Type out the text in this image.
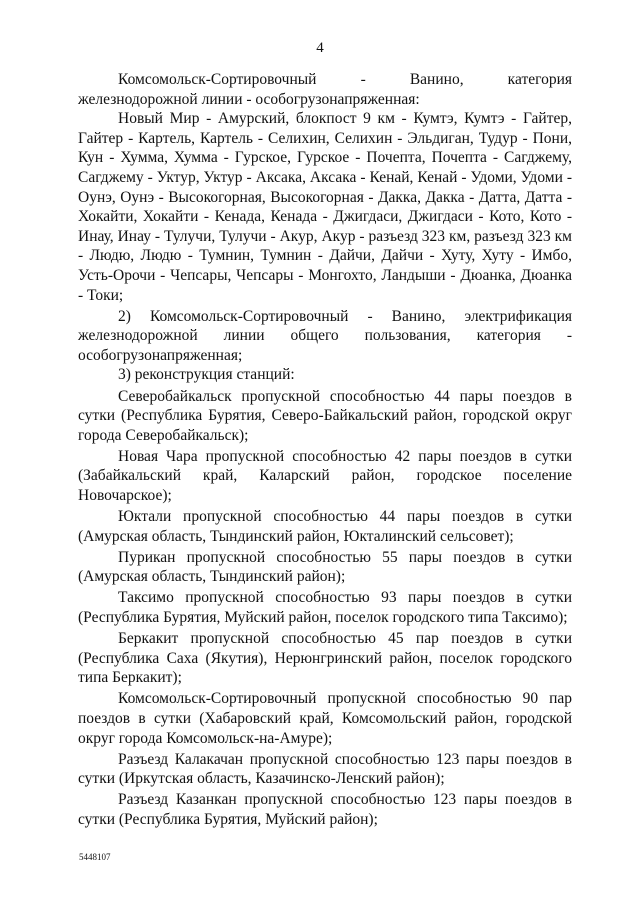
4

Комсомольск-Сортировочный - Ванино, категория железнодорожной линии - особогрузонапряженная:

Новый Мир - Амурский, блокпост 9 км - Кумтэ, Кумтэ - Гайтер, Гайтер - Картель, Картель - Селихин, Селихин - Эльдиган, Тудур - Пони, Кун - Хумма, Хумма - Гурское, Гурское - Почепта, Почепта - Сагджему, Сагджему - Уктур, Уктур - Аксака, Аксака - Кенай, Кенай - Удоми, Удоми - Оунэ, Оунэ - Высокогорная, Высокогорная - Дакка, Дакка - Датта, Датта - Хокайти, Хокайти - Кенада, Кенада - Джигдаси, Джигдаси - Кото, Кото - Инау, Инау - Тулучи, Тулучи - Акур, Акур - разъезд 323 км, разъезд 323 км - Людю, Людю - Тумнин, Тумнин - Дайчи, Дайчи - Хуту, Хуту - Имбо, Усть-Орочи - Чепсары, Чепсары - Монгохто, Ландыши - Дюанка, Дюанка - Токи;

2) Комсомольск-Сортировочный - Ванино, электрификация железнодорожной линии общего пользования, категория - особогрузонапряженная;

3) реконструкция станций:

Северобайкальск пропускной способностью 44 пары поездов в сутки (Республика Бурятия, Северо-Байкальский район, городской округ города Северобайкальск);

Новая Чара пропускной способностью 42 пары поездов в сутки (Забайкальский край, Каларский район, городское поселение Новочарское);

Юктали пропускной способностью 44 пары поездов в сутки (Амурская область, Тындинский район, Юкталинский сельсовет);

Пурикан пропускной способностью 55 пары поездов в сутки (Амурская область, Тындинский район);

Таксимо пропускной способностью 93 пары поездов в сутки (Республика Бурятия, Муйский район, поселок городского типа Таксимо);

Беркакит пропускной способностью 45 пар поездов в сутки (Республика Саха (Якутия), Нерюнгринский район, поселок городского типа Беркакит);

Комсомольск-Сортировочный пропускной способностью 90 пар поездов в сутки (Хабаровский край, Комсомольский район, городской округ города Комсомольск-на-Амуре);

Разъезд Калакачан пропускной способностью 123 пары поездов в сутки (Иркутская область, Казачинско-Ленский район);

Разъезд Казанкан пропускной способностью 123 пары поездов в сутки (Республика Бурятия, Муйский район);

5448107
